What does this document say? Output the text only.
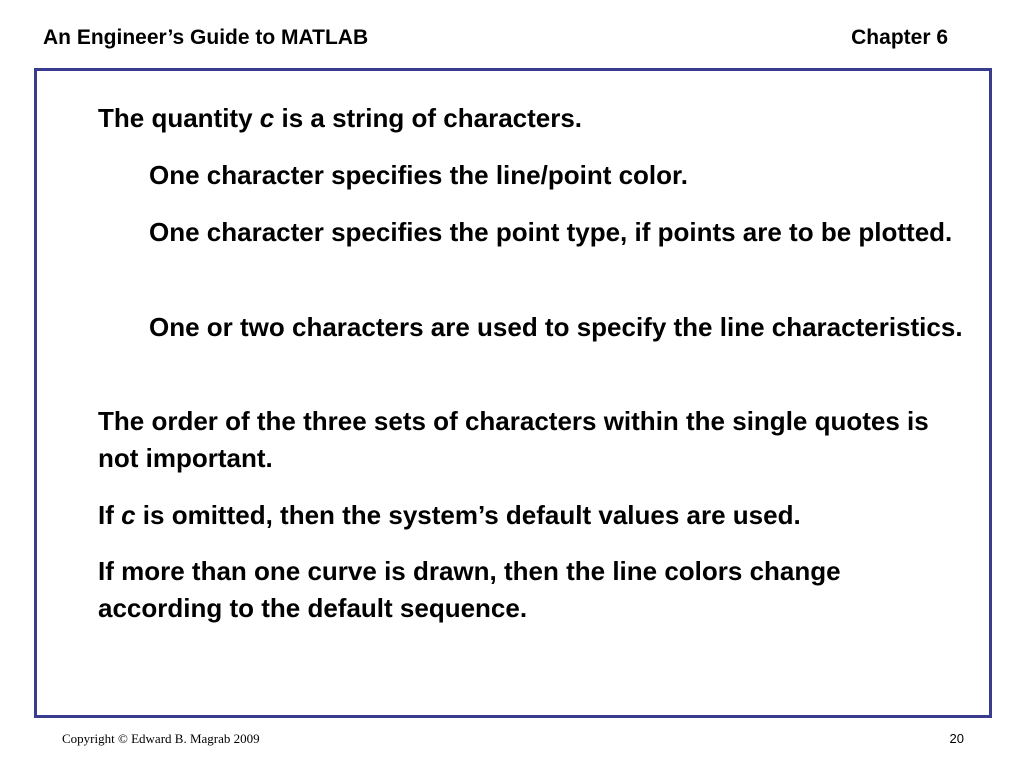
An Engineer’s Guide to MATLAB	Chapter 6

The quantity c is a string of characters.

One character specifies the line/point color.

One character specifies the point type, if points are to be plotted.

One or two characters are used to specify the line characteristics.

The order of the three sets of characters within the single quotes is not important.

If c is omitted, then the system’s default values are used.

If more than one curve is drawn, then the line colors change according to the default sequence.

Copyright © Edward B. Magrab 2009	20
